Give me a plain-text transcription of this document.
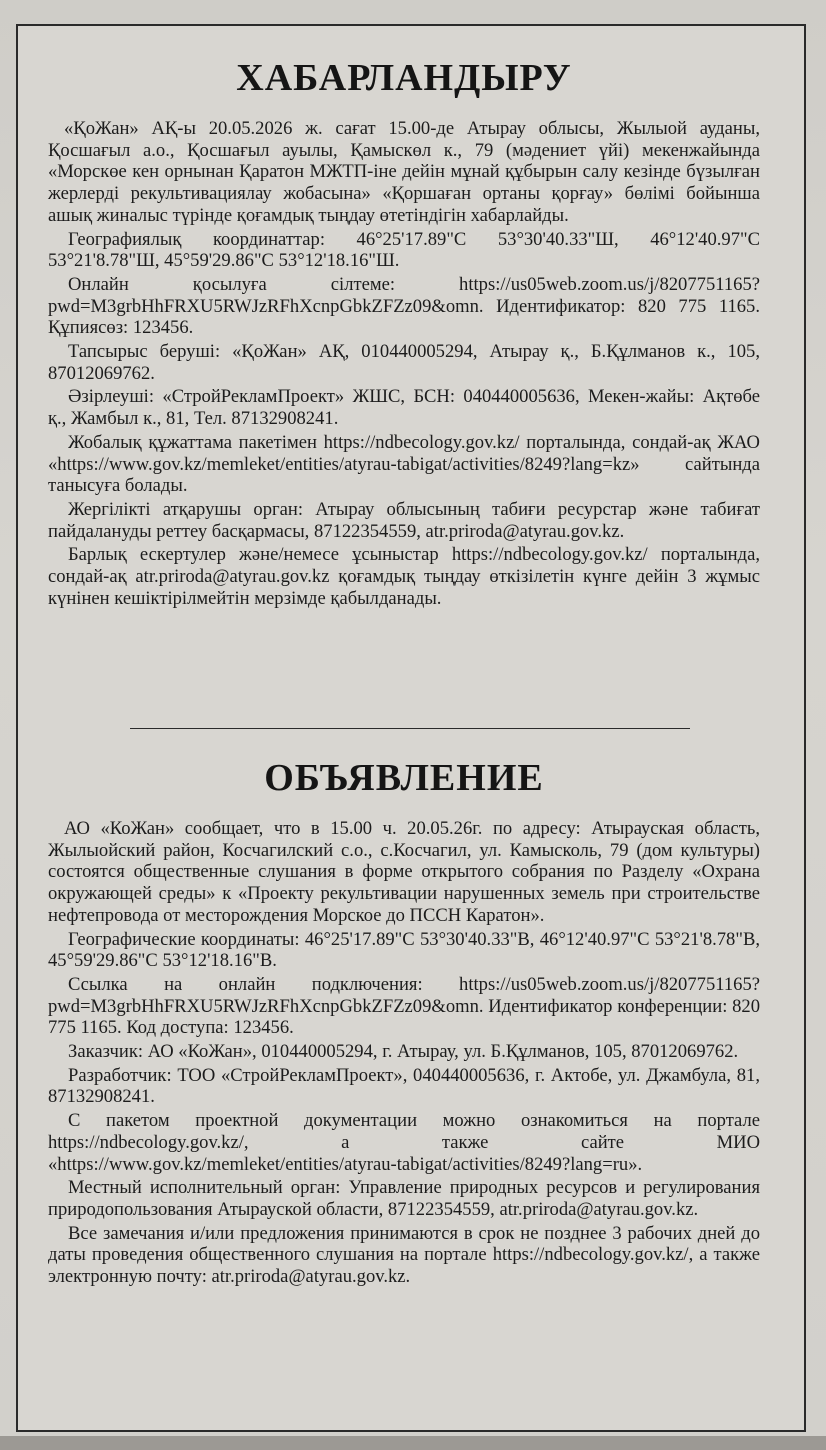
ХАБАРЛАНДЫРУ

«ҚоЖан» АҚ-ы 20.05.2026 ж. сағат 15.00-де Атырау облысы, Жылыой ауданы, Қосшағыл а.о., Қосшағыл ауылы, Қамыскөл к., 79 (мәдениет үйі) мекенжайында «Морскөе кен орнынан Қаратон МЖТП-іне дейін мұнай құбырын салу кезінде бүзылған жерлерді рекультивациялау жобасына» «Қоршаған ортаны қорғау» бөлімі бойынша ашық жиналыс түрінде қоғамдық тыңдау өтетіндігін хабарлайды.

Географиялық координаттар: 46°25'17.89"С 53°30'40.33"Ш, 46°12'40.97"С 53°21'8.78"Ш, 45°59'29.86"С 53°12'18.16"Ш.

Онлайн қосылуға сілтеме: https://us05web.zoom.us/j/8207751165?pwd=M3grbHhFRXU5RWJzRFhXcnpGbkZFZz09&omn. Идентификатор: 820 775 1165. Құпиясөз: 123456.

Тапсырыс беруші: «ҚоЖан» АҚ, 010440005294, Атырау қ., Б.Құлманов к., 105, 87012069762.

Әзірлеуші: «СтройРекламПроект» ЖШС, БСН: 040440005636, Мекен-жайы: Ақтөбе қ., Жамбыл к., 81, Тел. 87132908241.

Жобалық құжаттама пакетімен https://ndbecology.gov.kz/ порталында, сондай-ақ ЖАО «https://www.gov.kz/memleket/entities/atyrau-tabigat/activities/8249?lang=kz» сайтында танысуға болады.

Жергілікті атқарушы орган: Атырау облысының табиғи ресурстар және табиғат пайдалануды реттеу басқармасы, 87122354559, atr.priroda@atyrau.gov.kz.

Барлық ескертулер және/немесе ұсыныстар https://ndbecology.gov.kz/ порталында, сондай-ақ atr.priroda@atyrau.gov.kz қоғамдық тыңдау өткізілетін күнге дейін 3 жұмыс күнінен кешіктірілмейтін мерзімде қабылданады.

ОБЪЯВЛЕНИЕ

АО «КоЖан» сообщает, что в 15.00 ч. 20.05.26г. по адресу: Атырауская область, Жылыойский район, Косчагилский с.о., с.Косчагил, ул. Камысколь, 79 (дом культуры) состоятся общественные слушания в форме открытого собрания по Разделу «Охрана окружающей среды» к «Проекту рекультивации нарушенных земель при строительстве нефтепровода от месторождения Морское до ПССН Каратон».

Географические координаты: 46°25'17.89"С 53°30'40.33"В, 46°12'40.97"С 53°21'8.78"В, 45°59'29.86"С 53°12'18.16"В.

Ссылка на онлайн подключения: https://us05web.zoom.us/j/8207751165?pwd=M3grbHhFRXU5RWJzRFhXcnpGbkZFZz09&omn. Идентификатор конференции: 820 775 1165. Код доступа: 123456.

Заказчик: АО «КоЖан», 010440005294, г. Атырау, ул. Б.Құлманов, 105, 87012069762.

Разработчик: ТОО «СтройРекламПроект», 040440005636, г. Актобе, ул. Джамбула, 81, 87132908241.

С пакетом проектной документации можно ознакомиться на портале https://ndbecology.gov.kz/, а также сайте МИО «https://www.gov.kz/memleket/entities/atyrau-tabigat/activities/8249?lang=ru».

Местный исполнительный орган: Управление природных ресурсов и регулирования природопользования Атырауской области, 87122354559, atr.priroda@atyrau.gov.kz.

Все замечания и/или предложения принимаются в срок не позднее 3 рабочих дней до даты проведения общественного слушания на портале https://ndbecology.gov.kz/, а также электронную почту: atr.priroda@atyrau.gov.kz.
